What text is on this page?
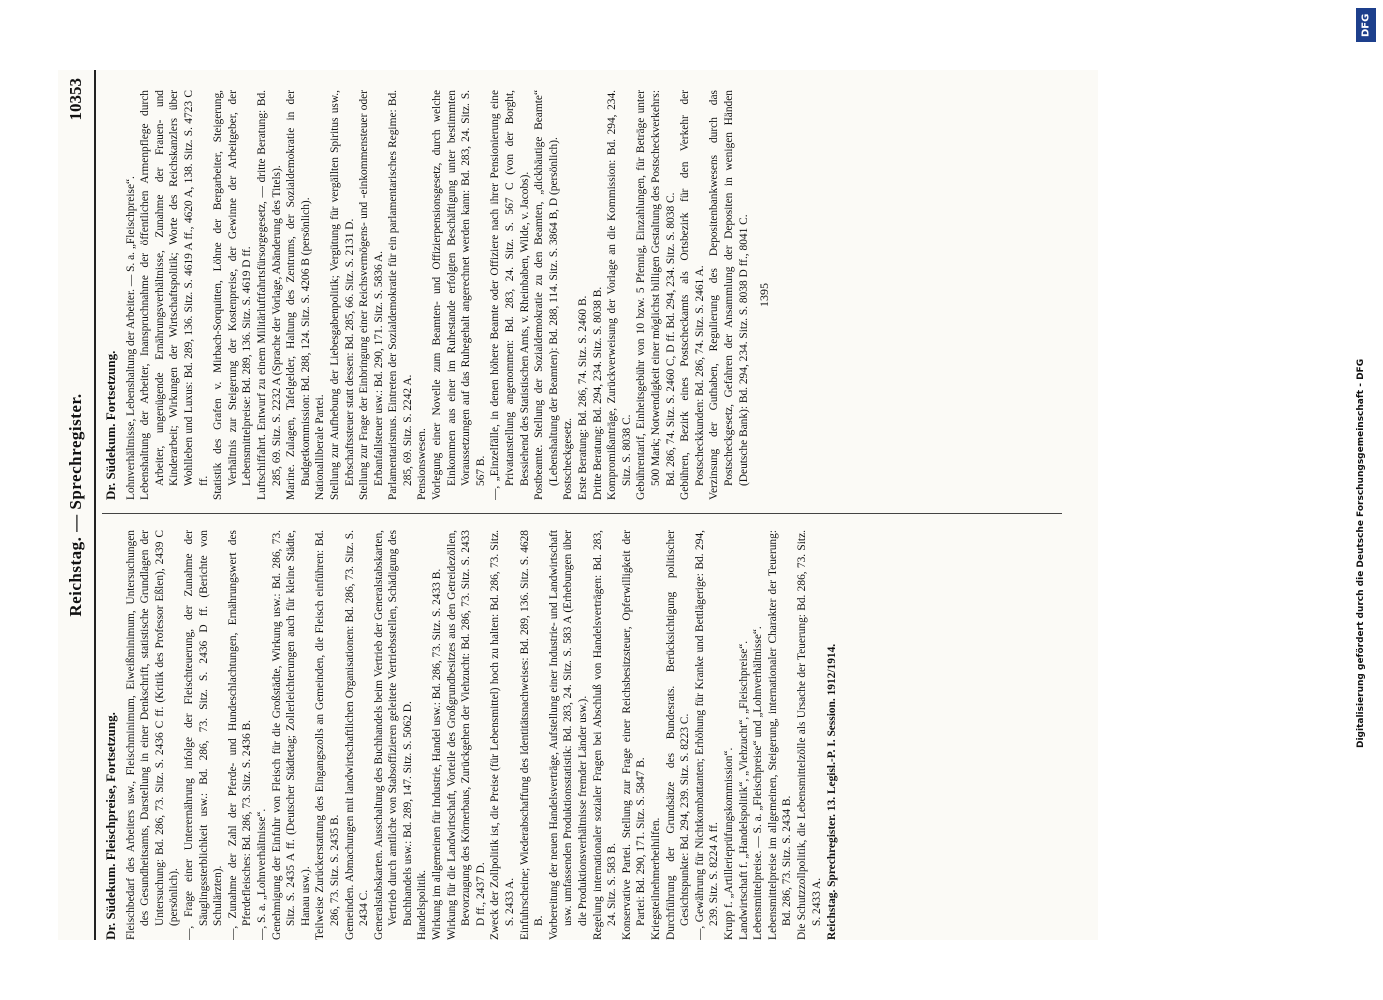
Reichstag. — Sprechregister.
10353
Dr. Südekum. Fleischpreise, Fortsetzung. Fleischbedarf des Arbeiters usw., Fleischminimum, Eiweißminimum, Untersuchungen des Gesundheitsamts, Darstellung in einer Denkschrift, statistische Grundlagen der Untersuchung: Bd. 286, 73. Sitz. S. 2436 C ff. (Kritik des Professor Eßlen), 2439 C (persönlich). —, Frage einer Unterernährung infolge der Fleischteuerung, der Zunahme der Säuglingssterblichkeit usw.: Bd. 286, 73. Sitz. S. 2436 D ff. (Berichte von Schulärzten). —, Zunahme der Zahl der Pferde- und Hundeschlachtungen, Ernährungswert des Pferdefleisches: Bd. 286, 73. Sitz. S. 2436 B. —, S. a. „Lohnverhältnisse“. Genehmigung der Einfuhr von Fleisch für die Großstädte, Wirkung usw.: Bd. 286, 73. Sitz. S. 2435 A ff. (Deutscher Städtetag; Zollerleichterungen auch für kleine Städte, Hanau usw.). Teilweise Zurückerstattung des Eingangszolls an Gemeinden, die Fleisch einführen: Bd. 286, 73. Sitz. S. 2435 B. Gemeinden. Abmachungen mit landwirtschaftlichen Organisationen: Bd. 286, 73. Sitz. S. 2434 C. Generalstabskarten. Ausschaltung des Buchhandels beim Vertrieb der Generalstabskarten, Vertrieb durch amtliche von Stabsoffizieren geleitete Vertriebsstellen, Schädigung des Buchhandels usw.: Bd. 289, 147. Sitz. S. 5062 D. Handelspolitik. Wirkung im allgemeinen für Industrie, Handel usw.: Bd. 286, 73. Sitz. S. 2433 B. Wirkung für die Landwirtschaft, Vorteile des Großgrundbesitzes aus den Getreidezöllen, Bevorzugung des Körnerbaus, Zurückgehen der Viehzucht: Bd. 286, 73. Sitz. S. 2433 D ff., 2437 D. Zweck der Zollpolitik ist, die Preise (für Lebensmittel) hoch zu halten: Bd. 286, 73. Sitz. S. 2433 A. Einfuhrscheine; Wiederabschaffung des Identitätsnachweises: Bd. 289, 136. Sitz. S. 4628 B. Vorbereitung der neuen Handelsverträge, Aufstellung einer Industrie- und Landwirtschaft usw. umfassenden Produktionsstatistik: Bd. 283, 24. Sitz. S. 583 A (Erhebungen über die Produktionsverhältnisse fremder Länder usw.). Regelung internationaler sozialer Fragen bei Abschluß von Handelsverträgen: Bd. 283, 24. Sitz. S. 583 B. Konservative Partei. Stellung zur Frage einer Reichsbesitzsteuer, Opferwilligkeit der Partei: Bd. 290, 171. Sitz. S. 5847 B. Kriegsteilnehmerbeihilfen. Durchführung der Grundsätze des Bundesrats. Berücksichtigung politischer Gesichtspunkte: Bd. 294, 239. Sitz. S. 8223 C. —, Gewährung für Nichtkombattanten; Erhöhung für Kranke und Bettlägerige: Bd. 294, 239. Sitz. S. 8224 A ff. Krupp f. „Artillerieprüfungskommission“. Landwirtschaft f. „Handelspolitik“, „Viehzucht“, „Fleischpreise“. Lebensmittelpreise. — S. a. „Fleischpreise“ und „Lohnverhältnisse“. Lebensmittelpreise im allgemeinen, Steigerung, internationaler Charakter der Teuerung: Bd. 286, 73. Sitz. S. 2434 B. Die Schutzzollpolitik, die Lebensmittelzölle als Ursache der Teuerung: Bd. 286, 73. Sitz. S. 2433 A. Reichstag. Sprechregister. 13. Legisl.-P. I. Session. 1912/1914.
Dr. Südekum. Fortsetzung. Lohnverhältnisse, Lebenshaltung der Arbeiter. — S. a. „Fleischpreise“. Lebenshaltung der Arbeiter, Inanspruchnahme der öffentlichen Armenpflege durch Arbeiter, ungenügende Ernährungsverhältnisse, Zunahme der Frauen- und Kinderarbeit; Wirkungen der Wirtschaftspolitik; Worte des Reichskanzlers über Wohlleben und Luxus: Bd. 289, 136. Sitz. S. 4619 A ff., 4620 A, 138. Sitz. S. 4723 C ff. Statistik des Grafen v. Mirbach-Sorquitten, Löhne der Bergarbeiter, Steigerung, Verhältnis zur Steigerung der Kostenpreise, der Gewinne der Arbeitgeber, der Lebensmittelpreise: Bd. 289, 136. Sitz. S. 4619 D ff. Luftschiffahrt. Entwurf zu einem Militärluftfahrtsfürsorgegesetz, — dritte Beratung: Bd. 285, 69. Sitz. S. 2232 A (Sprache der Vorlage, Abänderung des Titels). Marine. Zulagen, Tafelgelder, Haltung des Zentrums, der Sozialdemokratie in der Budgetkommission: Bd. 288, 124. Sitz. S. 4206 B (persönlich). Nationalliberale Partei. Stellung zur Aufhebung der Liebesgabenpolitik; Vergütung für vergällten Spiritus usw., Erbschaftssteuer statt dessen: Bd. 285, 66. Sitz. S. 2131 D. Stellung zur Frage der Einbringung einer Reichsvermögens- und -einkommensteuer oder Erbanfallsteuer usw.: Bd. 290, 171. Sitz. S. 5836 A. Parlamentarismus. Eintreten der Sozialdemokratie für ein parlamentarisches Regime: Bd. 285, 69. Sitz. S. 2242 A. Pensionswesen. Vorlegung einer Novelle zum Beamten- und Offizierpensionsgesetz, durch welche Einkommen aus einer im Ruhestande erfolgten Beschäftigung unter bestimmten Voraussetzungen auf das Ruhegehalt angerechnet werden kann: Bd. 283, 24. Sitz. S. 567 B. —, „Einzelfälle, in denen höhere Beamte oder Offiziere nach ihrer Pensionierung eine Privatanstellung angenommen: Bd. 283, 24. Sitz. S. 567 C (von der Borght, Bessiehend des Statistischen Amts, v. Rheinbaben, Wilde, v. Jacobs). Postbeamte. Stellung der Sozialdemokratie zu den Beamten, „dickhäutige Beamte“ (Lebenshaltung der Beamten): Bd. 288, 114. Sitz. S. 3864 B, D (persönlich). Postscheckgesetz. Erste Beratung: Bd. 286, 74. Sitz. S. 2460 B. Dritte Beratung: Bd. 294, 234. Sitz. S. 8038 B. Kompromißanträge, Zurückverweisung der Vorlage an die Kommission: Bd. 294, 234. Sitz. S. 8038 C. Gebührentarif, Einheitsgebühr von 10 bzw. 5 Pfennig, Einzahlungen, für Beträge unter 500 Mark; Notwendigkeit einer möglichst billigen Gestaltung des Postscheckverkehrs: Bd. 286, 74. Sitz. S. 2460 C, D ff. Bd. 294, 234. Sitz. S. 8038 C. Gebühren, Bezirk eines Postscheckamts als Ortsbezirk für den Verkehr der Postscheckkunden: Bd. 286, 74. Sitz. S. 2461 A. Verzinsung der Guthaben, Regulierung des Depositenbankwesens durch das Postscheckgesetz, Gefahren der Ansammlung der Depositen in wenigen Händen (Deutsche Bank): Bd. 294, 234. Sitz. S. 8038 D ff., 8041 C. 1395
DFG
Digitalisierung gefördert durch die Deutsche Forschungsgemeinschaft - DFG
